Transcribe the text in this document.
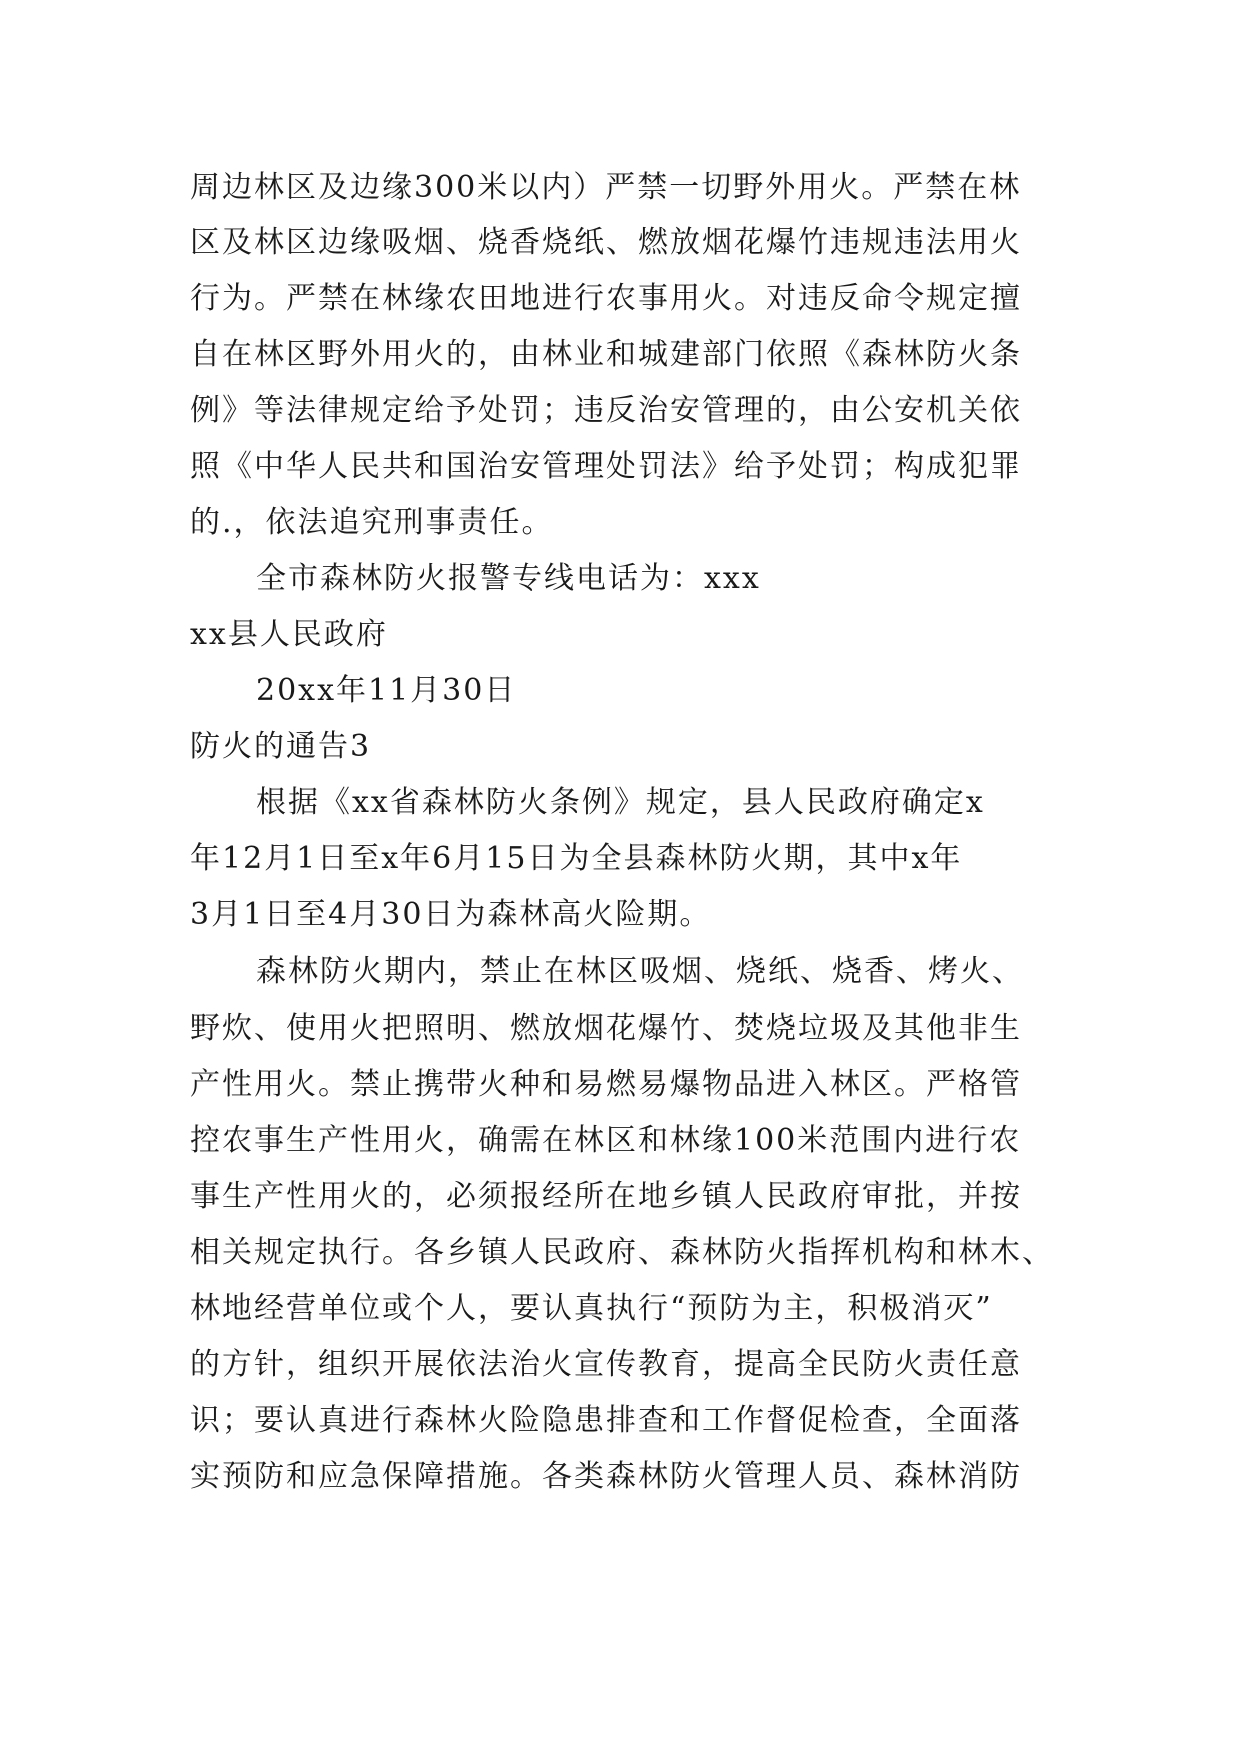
周边林区及边缘300米以内）严禁一切野外用火。严禁在林
区及林区边缘吸烟、烧香烧纸、燃放烟花爆竹违规违法用火
行为。严禁在林缘农田地进行农事用火。对违反命令规定擅
自在林区野外用火的，由林业和城建部门依照《森林防火条
例》等法律规定给予处罚；违反治安管理的，由公安机关依
照《中华人民共和国治安管理处罚法》给予处罚；构成犯罪
的.，依法追究刑事责任。
全市森林防火报警专线电话为：xxx
xx县人民政府
20xx年11月30日
防火的通告3
根据《xx省森林防火条例》规定，县人民政府确定x
年12月1日至x年6月15日为全县森林防火期，其中x年
3月1日至4月30日为森林高火险期。
森林防火期内，禁止在林区吸烟、烧纸、烧香、烤火、
野炊、使用火把照明、燃放烟花爆竹、焚烧垃圾及其他非生
产性用火。禁止携带火种和易燃易爆物品进入林区。严格管
控农事生产性用火，确需在林区和林缘100米范围内进行农
事生产性用火的，必须报经所在地乡镇人民政府审批，并按
相关规定执行。各乡镇人民政府、森林防火指挥机构和林木、
林地经营单位或个人，要认真执行“预防为主，积极消灭”
的方针，组织开展依法治火宣传教育，提高全民防火责任意
识；要认真进行森林火险隐患排查和工作督促检查，全面落
实预防和应急保障措施。各类森林防火管理人员、森林消防
